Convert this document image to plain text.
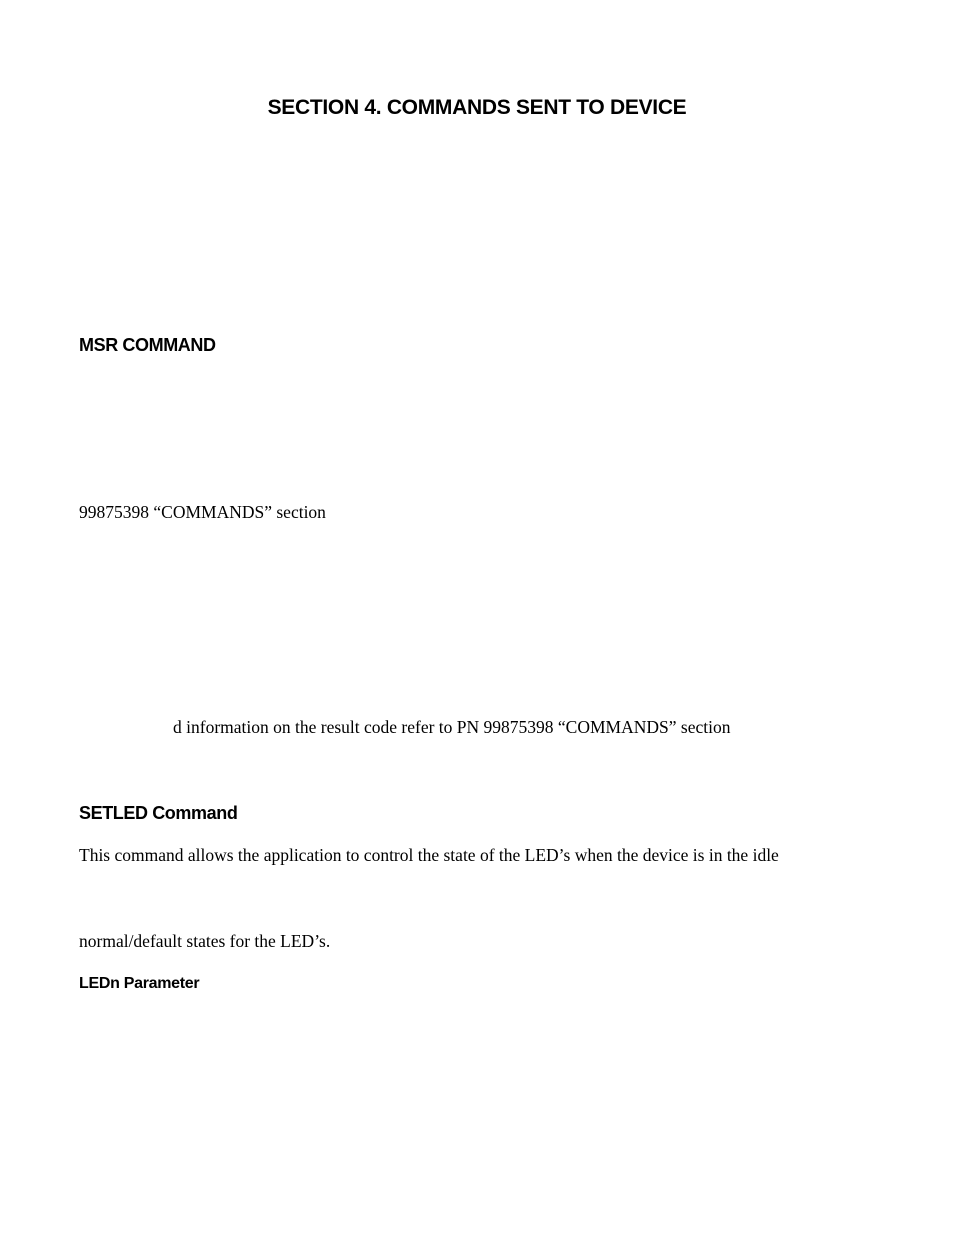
SECTION 4. COMMANDS SENT TO DEVICE
MSR COMMAND
99875398 “COMMANDS” section
d information on the result code refer to PN 99875398 “COMMANDS” section
SETLED Command
This command allows the application to control the state of the LED’s when the device is in the idle
normal/default states for the LED’s.
LEDn Parameter
